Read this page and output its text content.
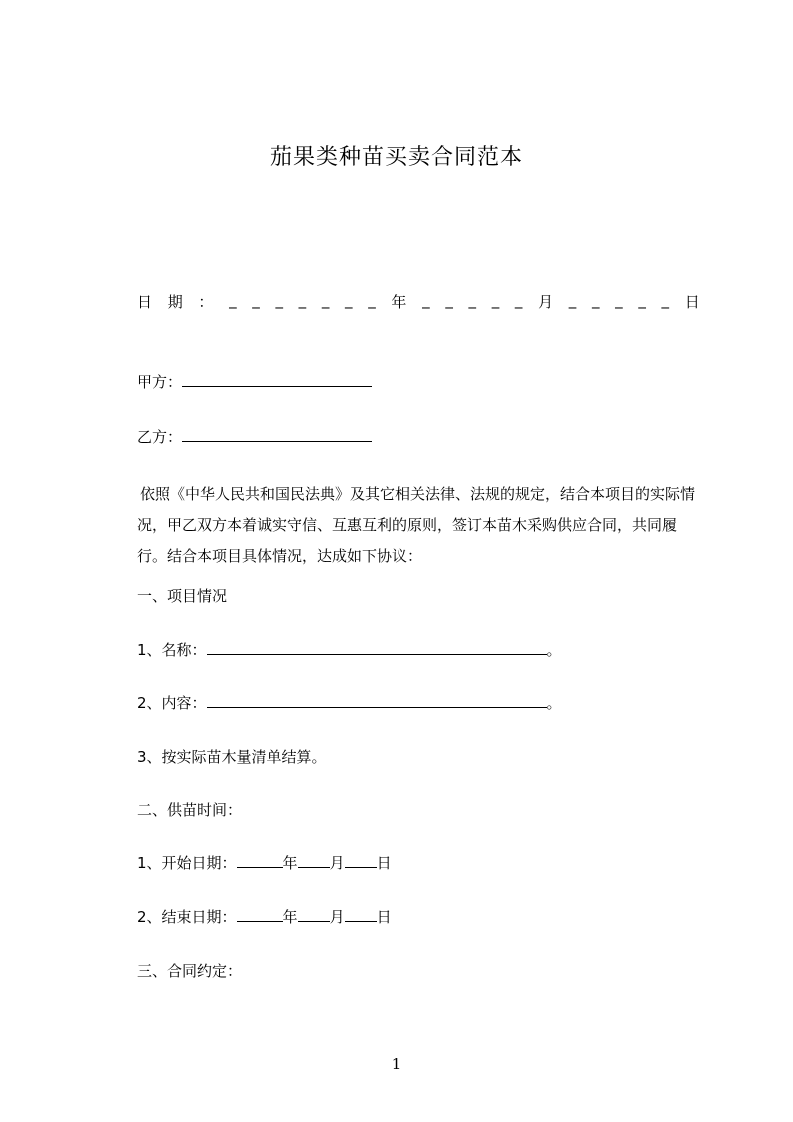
茄果类种苗买卖合同范本
日 期 ： _ _ _ _ _ _ _ 年 _ _ _ _ _ 月 _ _ _ _ _ 日
甲方：
乙方：
依照《中华人民共和国民法典》及其它相关法律、法规的规定，结合本项目的实际情况，甲乙双方本着诚实守信、互惠互利的原则，签订本苗木采购供应合同，共同履行。结合本项目具体情况，达成如下协议：
一、项目情况
1、名称：	。
2、内容：	。
3、按实际苗木量清单结算。
二、供苗时间：
1、开始日期：	年 月 日
2、结束日期：	年 月 日
三、合同约定：
1
